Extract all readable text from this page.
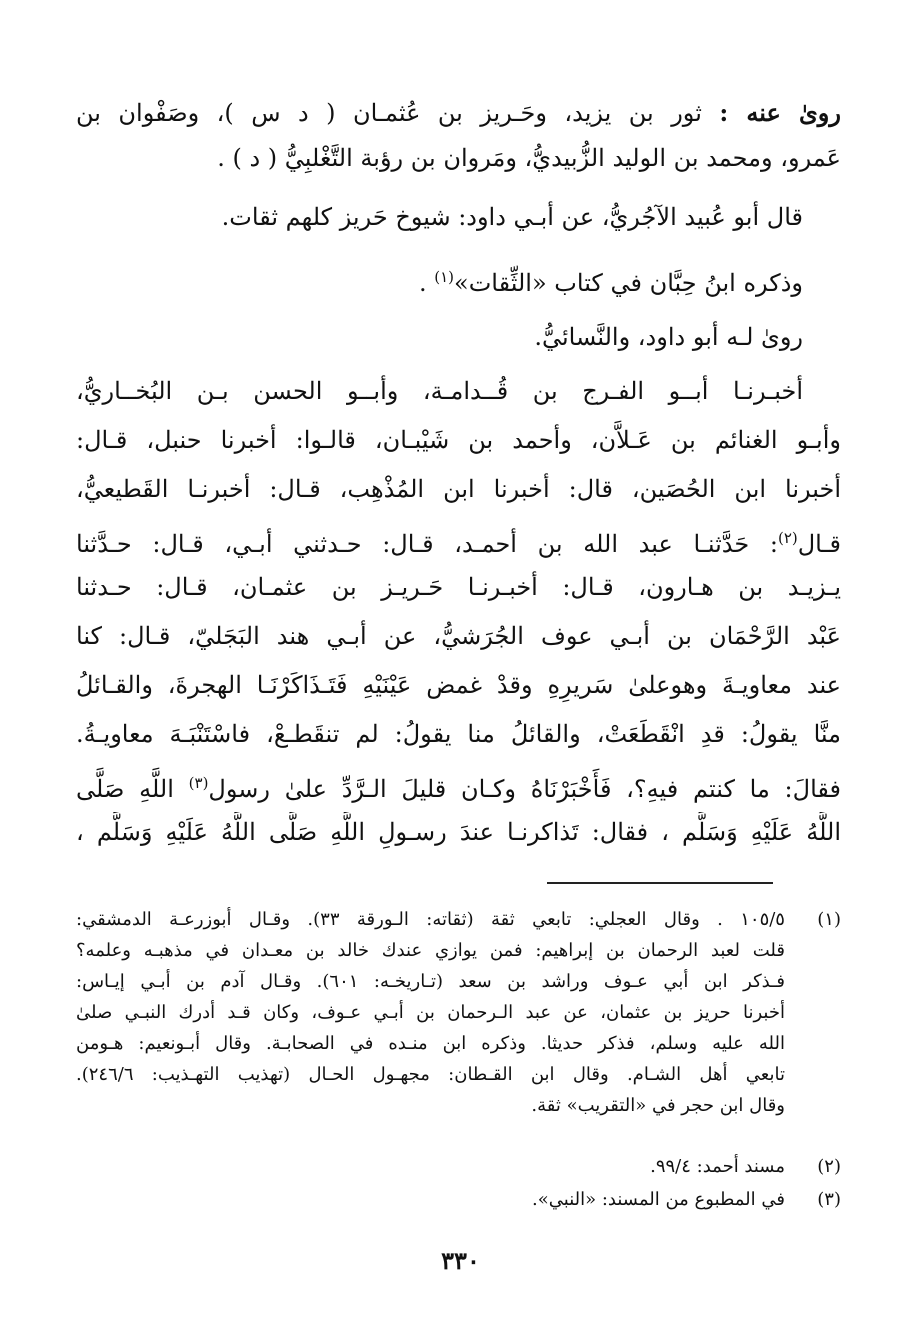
رویٰ عنه : ثور بن يزيد، وحَـريز بن عُثمـان ( د س )، وصَفْوان بن
عَمرو، ومحمد بن الوليد الزُّبيديُّ، ومَروان بن رؤبة التَّغْلبِيُّ ( د ) .
قال أبو عُبيد الآجُريُّ، عن أبـي داود: شيوخ حَريز كلهم ثقات.
وذكره ابنُ حِبَّان في كتاب «الثِّقات»$^{(١)}$ .
رویٰ لـه أبو داود، والنَّسائيُّ.
أخبـرنـا أبــو الفـرج بن قُــدامـة، وأبــو الحسن بـن البُخــاريُّ،
وأبـو الغنائم بن عَـلاَّن، وأحمد بن شَيْبـان، قالـوا: أخبرنا حنبل، قـال:
أخبرنا ابن الحُصَين، قال: أخبرنا ابن المُذْهِب، قـال: أخبرنـا القَطيعيُّ،
قـال$^{(٢)}$: حَدَّثنـا عبد الله بن أحمـد، قـال: حـدثني أبـي، قـال: حـدَّثنا
يـزيـد بن هـارون، قـال: أخبـرنـا حَـريـز بن عثمـان، قـال: حـدثنا
عَبْد الرَّحْمَان بن أبـي عوف الجُرَشيُّ، عن أبـي هند البَجَليّ، قـال: كنا
عند معاويـةَ وهوعلىٰ سَريرِهِ وقدْ غمض عَيْنَيْهِ فَتَـذَاكَرْنَـا الهجرةَ، والقـائلُ
منَّا يقولُ: قدِ انْقَطَعَتْ، والقائلُ منا يقولُ: لم تنقَطـعْ، فاسْتَنْبَـهَ معاويـةُ.
فقالَ: ما كنتم فيهِ؟، فَأَخْبَرْنَاهُ وكـان قليلَ الـرَّدِّ علىٰ رسول$^{(٣)}$ اللَّهِ صَلَّى
اللَّهُ عَلَيْهِ وَسَلَّم ، فقال: تَذاكرنـا عندَ رسـولِ اللَّهِ صَلَّى اللَّهُ عَلَيْهِ وَسَلَّم ،
(١)
١٠٥/٥ . وقال العجلي: تابعي ثقة (ثقاته: الـورقة ٣٣). وقـال أبوزرعـة الدمشقي:
قلت لعبد الرحمان بن إبراهيم: فمن يوازي عندك خالد بن معـدان في مذهبـه وعلمه؟
فـذكر ابن أبي عـوف وراشد بن سعد (تـاريخـه: ٦٠١). وقـال آدم بن أبـي إيـاس:
أخبرنا حريز بن عثمان، عن عبد الـرحمان بن أبـي عـوف، وكان قـد أدرك النبـي صلىٰ
الله عليه وسلم، فذكر حديثا. وذكره ابن منـده في الصحابـة. وقال أبـونعيم: هـومن
تابعي أهل الشـام. وقال ابن القـطان: مجهـول الحـال (تهذيب التهـذيب: ٢٤٦/٦).
وقال ابن حجر في «التقريب» ثقة.
(٢)
مسند أحمد: ٩٩/٤.
(٣)
في المطبوع من المسند: «النبي».
٣٣٠
